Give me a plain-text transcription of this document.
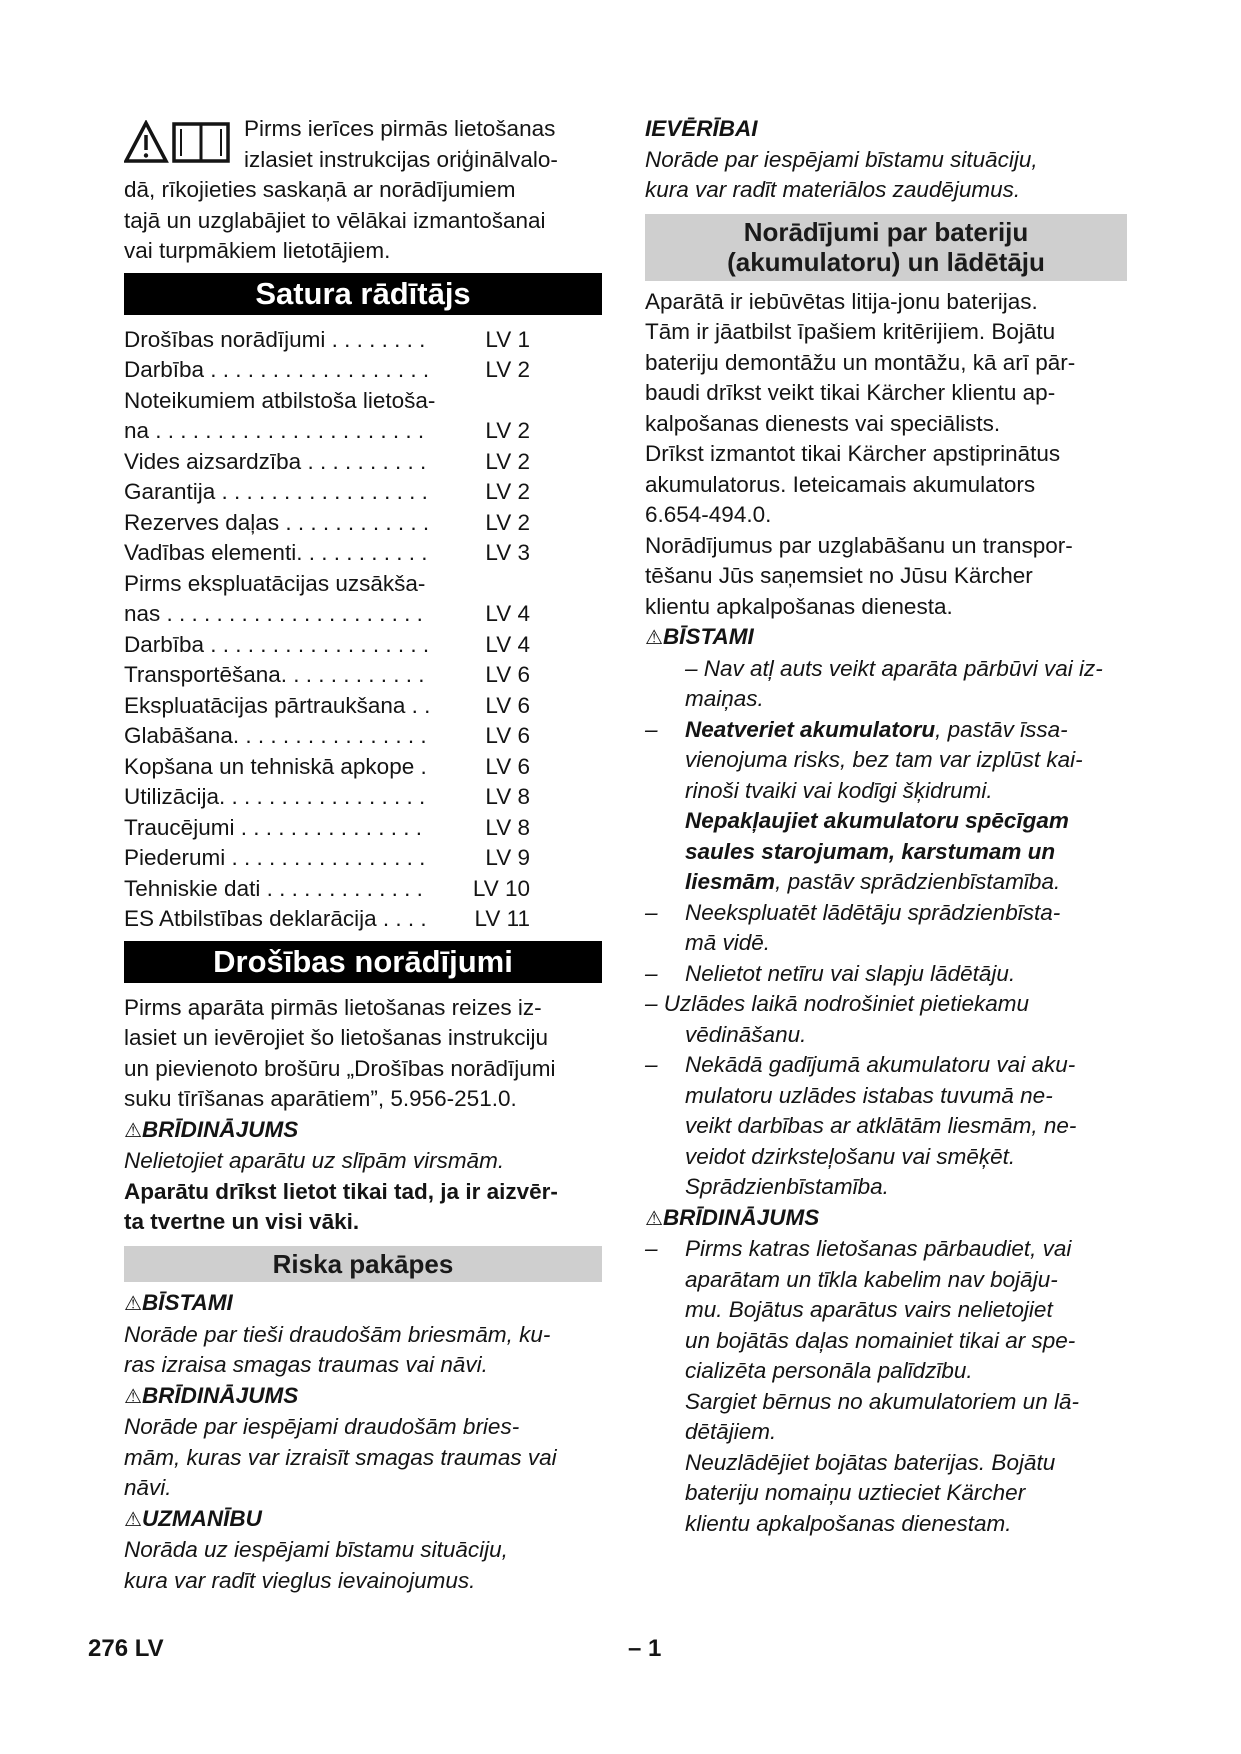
Pirms ierīces pirmās lietošanas

izlasiet instrukcijas oriģinālvalo-

dā, rīkojieties saskaņā ar norādījumiem

tajā un uzglabājiet to vēlākai izmantošanai

vai turpmākiem lietotājiem.

Satura rādītājs
Drošības norādījumi . . . . . . . .	LV 1
Darbība . . . . . . . . . . . . . . . . . .	LV 2
Noteikumiem atbilstoša lietoša-
na . . . . . . . . . . . . . . . . . . . . . .	LV 2
Vides aizsardzība . . . . . . . . . .	LV 2
Garantija . . . . . . . . . . . . . . . . .	LV 2
Rezerves daļas . . . . . . . . . . . .	LV 2
Vadības elementi. . . . . . . . . . .	LV 3
Pirms ekspluatācijas uzsākša-
nas . . . . . . . . . . . . . . . . . . . . .	LV 4
Darbība . . . . . . . . . . . . . . . . . .	LV 4
Transportēšana. . . . . . . . . . . .	LV 6
Ekspluatācijas pārtraukšana . . LV 6
Glabāšana. . . . . . . . . . . . . . . .	LV 6
Kopšana un tehniskā apkope .	LV 6
Utilizācija. . . . . . . . . . . . . . . . .	LV 8
Traucējumi . . . . . . . . . . . . . . .	LV 8
Piederumi . . . . . . . . . . . . . . . .	LV 9
Tehniskie dati . . . . . . . . . . . . . LV 10
ES Atbilstības deklarācija . . . . LV 11
Drošības norādījumi

Pirms aparāta pirmās lietošanas reizes iz-

lasiet un ievērojiet šo lietošanas instrukciju

un pievienoto brošūru „Drošības norādījumi

suku tīrīšanas aparātiem”, 5.956-251.0.

⚠BRĪDINĀJUMS

Nelietojiet aparātu uz slīpām virsmām.

Aparātu drīkst lietot tikai tad, ja ir aizvēr-

ta tvertne un visi vāki.

Riska pakāpes

⚠BĪSTAMI

Norāde par tieši draudošām briesmām, ku-

ras izraisa smagas traumas vai nāvi.

⚠BRĪDINĀJUMS

Norāde par iespējami draudošām bries-

mām, kuras var izraisīt smagas traumas vai

nāvi.

⚠UZMANĪBU

Norāda uz iespējami bīstamu situāciju,

kura var radīt vieglus ievainojumus.

IEVĒRĪBAI

Norāde par iespējami bīstamu situāciju,

kura var radīt materiālos zaudējumus.

Norādījumi par bateriju
(akumulatoru) un lādētāju

Aparātā ir iebūvētas litija-jonu baterijas.

Tām ir jāatbilst īpašiem kritērijiem. Bojātu

bateriju demontāžu un montāžu, kā arī pār-

baudi drīkst veikt tikai Kärcher klientu ap-

kalpošanas dienests vai speciālists.

Drīkst izmantot tikai Kärcher apstiprinātus

akumulatorus. Ieteicamais akumulators

6.654-494.0.

Norādījumus par uzglabāšanu un transpor-

tēšanu Jūs saņemsiet no Jūsu Kärcher

klientu apkalpošanas dienesta.

⚠BĪSTAMI

– Nav atļ auts veikt aparāta pārbūvi vai iz-

maiņas.

– Neatveriet akumulatoru, pastāv īssa-

vienojuma risks, bez tam var izplūst kai-

rinoši tvaiki vai kodīgi šķidrumi.

Nepakļaujiet akumulatoru spēcīgam

saules starojumam, karstumam un

liesmām, pastāv sprādzienbīstamība.

– Neekspluatēt lādētāju sprādzienbīsta-

mā vidē.

– Nelietot netīru vai slapju lādētāju.

– Uzlādes laikā nodrošiniet pietiekamu

vēdināšanu.

– Nekādā gadījumā akumulatoru vai aku-

mulatoru uzlādes istabas tuvumā ne-

veikt darbības ar atklātām liesmām, ne-

veidot dzirksteļošanu vai smēķēt.

Sprādzienbīstamība.

⚠BRĪDINĀJUMS

– Pirms katras lietošanas pārbaudiet, vai

aparātam un tīkla kabelim nav bojāju-

mu. Bojātus aparātus vairs nelietojiet

un bojātās daļas nomainiet tikai ar spe-

cializēta personāla palīdzību.

Sargiet bērnus no akumulatoriem un lā-

dētājiem.

Neuzlādējiet bojātas baterijas. Bojātu

bateriju nomaiņu uztieciet Kärcher

klientu apkalpošanas dienestam.

276 LV	– 1
